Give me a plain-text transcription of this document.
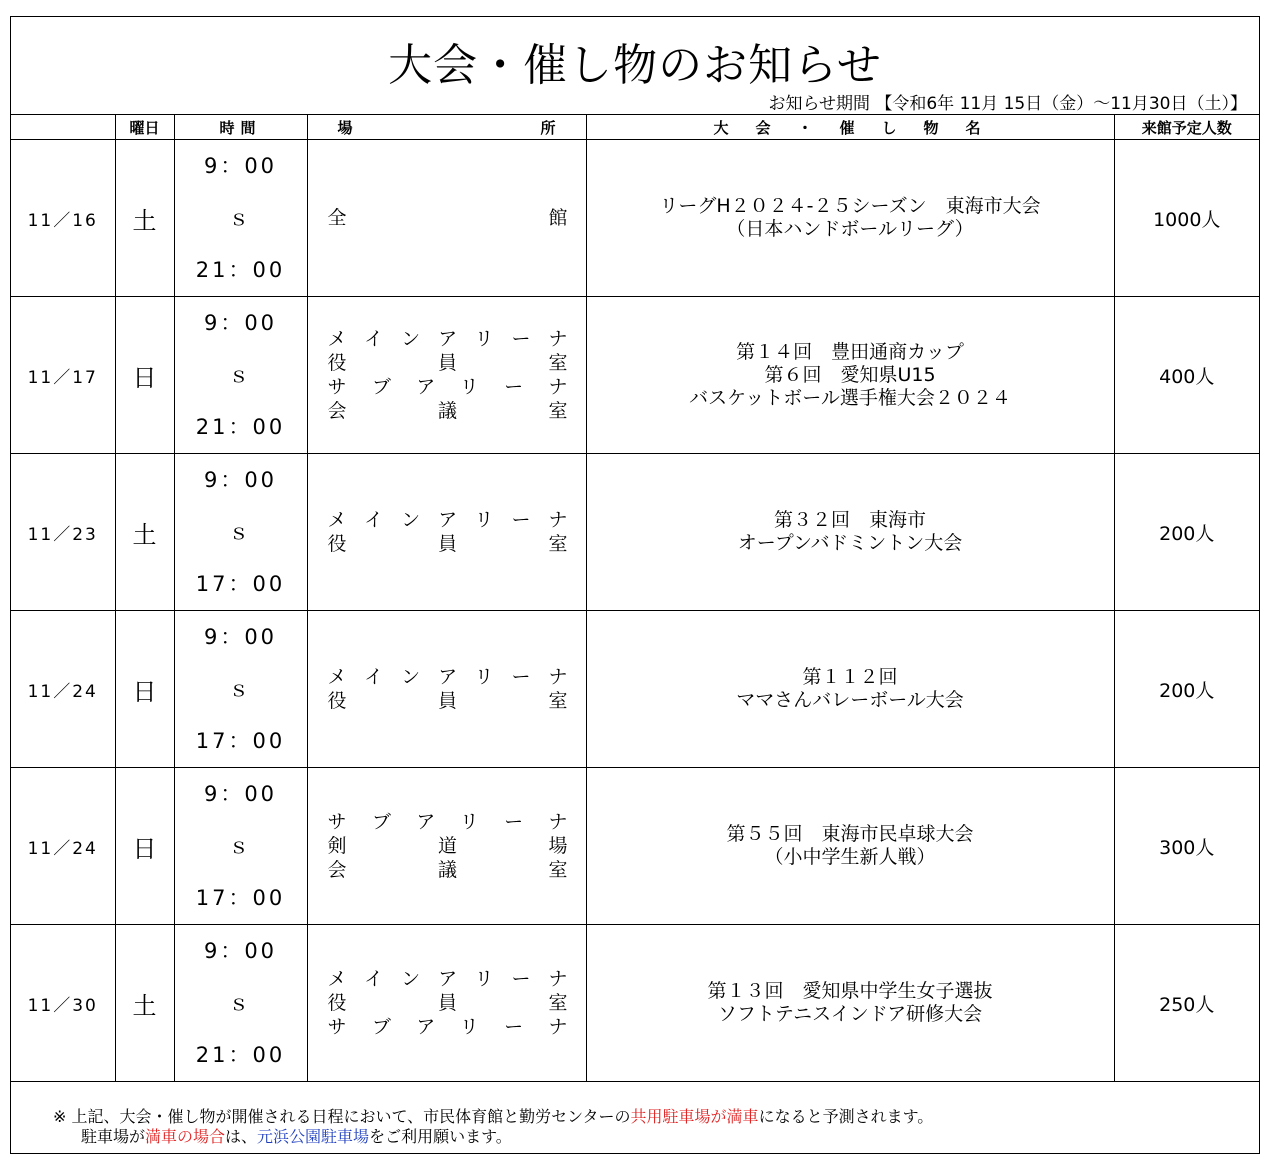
大会・催し物のお知らせ
お知らせ期間 【令和6年 11月 15日（金）～11月30日（土）】
	曜日	時間	場　所	大　会　・　催　し　物　名	来館予定人数
11／16	土	9：00
ｓ
21：00	全館	リーグH２０２４-２５シーズン　東海市大会
（日本ハンドボールリーグ）	1000人
11／17	日	9：00
ｓ
21：00	メインアリーナ
役員室
サブアリーナ
会議室	第１４回　豊田通商カップ
第６回　愛知県U15
バスケットボール選手権大会２０２４	400人
11／23	土	9：00
ｓ
17：00	メインアリーナ
役員室	第３２回　東海市
オープンバドミントン大会	200人
11／24	日	9：00
ｓ
17：00	メインアリーナ
役員室	第１１２回
ママさんバレーボール大会	200人
11／24	日	9：00
ｓ
17：00	サブアリーナ
剣道場
会議室	第５５回　東海市民卓球大会
（小中学生新人戦）	300人
11／30	土	9：00
ｓ
21：00	メインアリーナ
役員室
サブアリーナ	第１３回　愛知県中学生女子選抜
ソフトテニスインドア研修大会	250人
※ 上記、大会・催し物が開催される日程において、市民体育館と勤労センターの共用駐車場が満車になると予測されます。
駐車場が満車の場合は、元浜公園駐車場をご利用願います。
